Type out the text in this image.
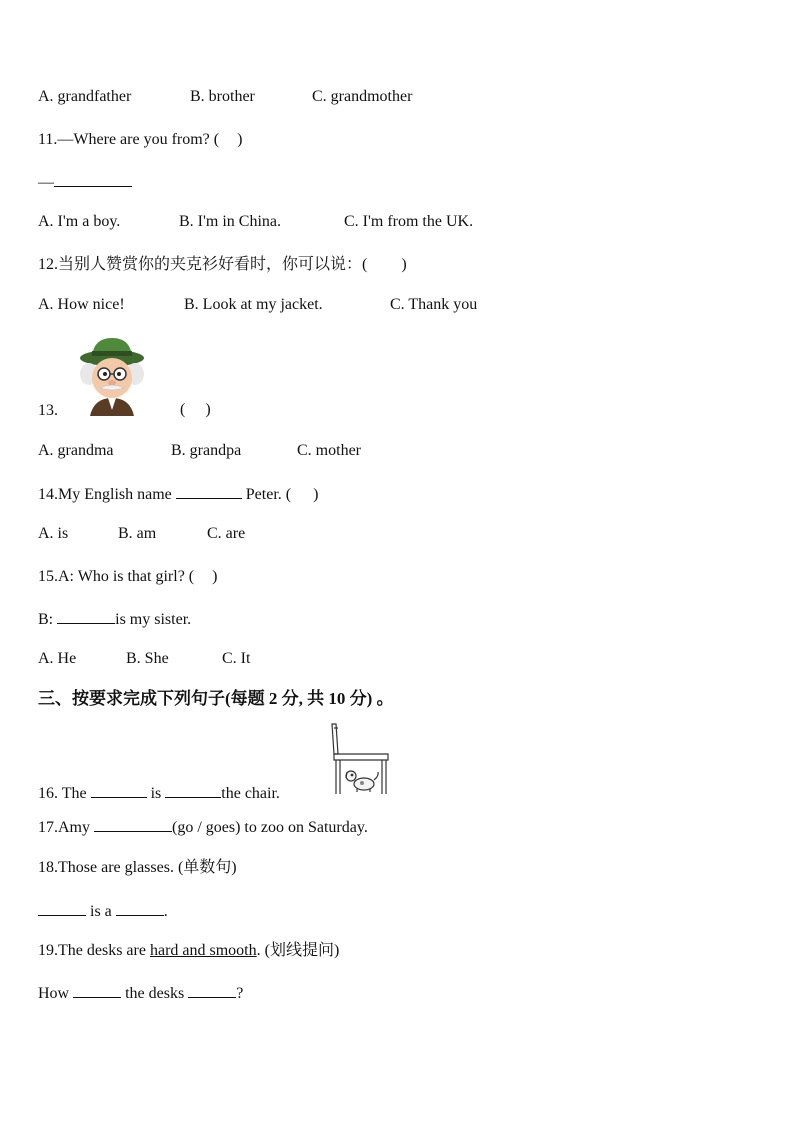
A. grandfather	B. brother	C. grandmother
11.—Where are you from? ( )
—
A. I'm a boy.	B. I'm in China.	C. I'm from the UK.
12.当别人赞赏你的夹克衫好看时，你可以说：( )
A. How nice!	B. Look at my jacket.	C. Thank you
13.	( )
A. grandma	B. grandpa	C. mother
14.My English name	Peter. ( )
A. is	B. am	C. are
15.A: Who is that girl? ( )
B:	is my sister.
A. He	B. She	C. It
三、按要求完成下列句子(每题 2 分, 共 10 分) 。
16. The	is	the chair.
17.Amy	(go / goes) to zoo on Saturday.
18.Those are glasses. (单数句)
is a	.
19.The desks are hard and smooth. (划线提问)
How	the desks	?
